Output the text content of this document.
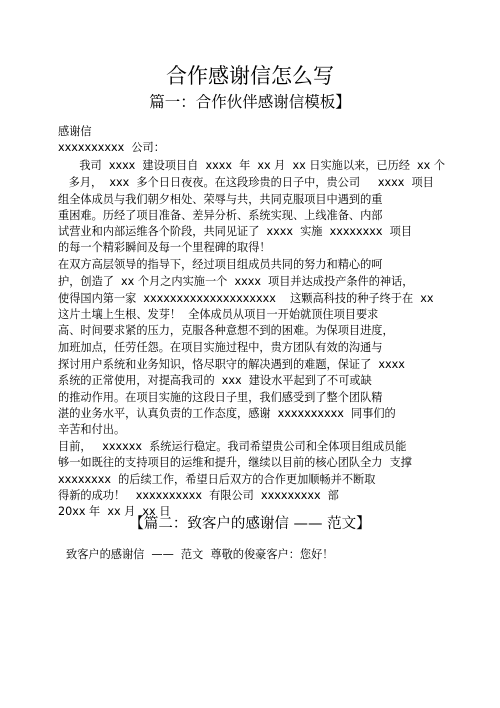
合作感谢信怎么写
篇一：合作伙伴感谢信模板】
感谢信
xxxxxxxxxx  公司：
我司  xxxx  建设项目自  xxxx  年  xx 月  xx 日实施以来，已历经  xx 个
多月，  xxx  多个日日夜夜。在这段珍贵的日子中，贵公司     xxxx  项目
组全体成员与我们朝夕相处、荣辱与共，共同克服项目中遇到的重
重困难。历经了项目准备、差异分析、系统实现、上线准备、内部
试营业和内部运维各个阶段，共同见证了  xxxx  实施  xxxxxxxx  项目
的每一个精彩瞬间及每一个里程碑的取得！
在双方高层领导的指导下，经过项目组成员共同的努力和精心的呵
护，创造了  xx 个月之内实施一个  xxxx  项目并达成投产条件的神话，
使得国内第一家  xxxxxxxxxxxxxxxxxxxx    这颗高科技的种子终于在  xx
这片土壤上生根、发芽！  全体成员从项目一开始就顶住项目要求
高、时间要求紧的压力，克服各种意想不到的困难。为保项目进度，
加班加点，任劳任怨。在项目实施过程中，贵方团队有效的沟通与
探讨用户系统和业务知识，恪尽职守的解决遇到的难题，保证了  xxxx
系统的正常使用，对提高我司的  xxx  建设水平起到了不可或缺
的推动作用。在项目实施的这段日子里，我们感受到了整个团队精
湛的业务水平，认真负责的工作态度，感谢  xxxxxxxxxx  同事们的
辛苦和付出。
目前，   xxxxxx  系统运行稳定。我司希望贵公司和全体项目组成员能
够一如既往的支持项目的运维和提升，继续以目前的核心团队全力  支撑
xxxxxxxx  的后续工作，希望日后双方的合作更加顺畅并不断取
得新的成功！   xxxxxxxxxx  有限公司  xxxxxxxxx  部
20xx 年  xx 月  xx 日
【篇二：致客户的感谢信 —— 范文】
致客户的感谢信  ——  范文  尊敬的俊豪客户：您好！
